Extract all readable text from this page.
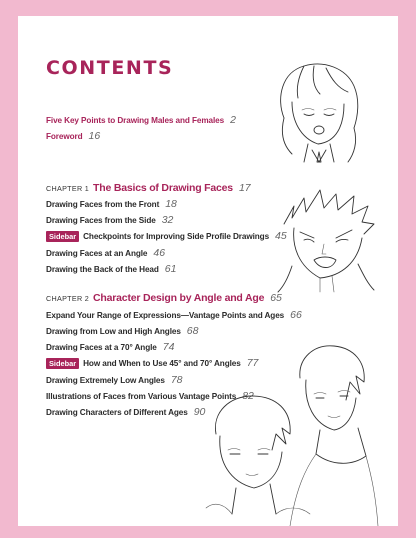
CONTENTS
Five Key Points to Drawing Males and Females 2
Foreword 16
CHAPTER 1 The Basics of Drawing Faces 17
Drawing Faces from the Front 18
Drawing Faces from the Side 32
Sidebar Checkpoints for Improving Side Profile Drawings 45
Drawing Faces at an Angle 46
Drawing the Back of the Head 61
CHAPTER 2 Character Design by Angle and Age 65
Expand Your Range of Expressions—Vantage Points and Ages 66
Drawing from Low and High Angles 68
Drawing Faces at a 70° Angle 74
Sidebar How and When to Use 45° and 70° Angles 77
Drawing Extremely Low Angles 78
Illustrations of Faces from Various Vantage Points 82
Drawing Characters of Different Ages 90
